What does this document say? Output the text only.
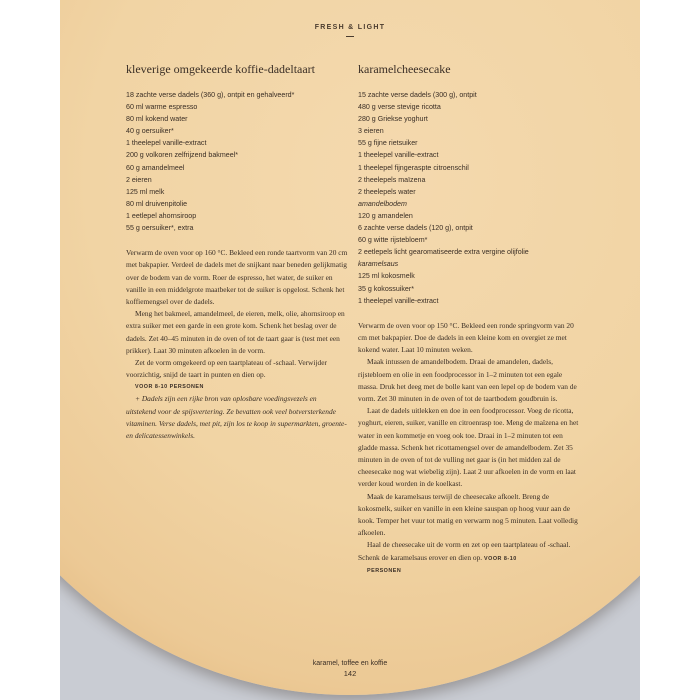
FRESH & LIGHT
kleverige omgekeerde koffie-dadeltaart
18 zachte verse dadels (360 g), ontpit en gehalveerd*
60 ml warme espresso
80 ml kokend water
40 g oersuiker*
1 theelepel vanille-extract
200 g volkoren zelfrijzend bakmeel*
60 g amandelmeel
2 eieren
125 ml melk
80 ml druivenpitolie
1 eetlepel ahornsiroop
55 g oersuiker*, extra

Verwarm de oven voor op 160 °C. Bekleed een ronde taartvorm van 20 cm met bakpapier. Verdeel de dadels met de snijkant naar beneden gelijkmatig over de bodem van de vorm. Roer de espresso, het water, de suiker en vanille in een middelgrote maatbeker tot de suiker is opgelost. Schenk het koffiemengsel over de dadels.

Meng het bakmeel, amandelmeel, de eieren, melk, olie, ahornsiroop en extra suiker met een garde in een grote kom. Schenk het beslag over de dadels. Zet 40–45 minuten in de oven of tot de taart gaar is (test met een prikker). Laat 30 minuten afkoelen in de vorm.

Zet de vorm omgekeerd op een taartplateau of -schaal. Verwijder voorzichtig, snijd de taart in punten en dien op.

VOOR 8-10 PERSONEN

+ Dadels zijn een rijke bron van oplosbare voedingsvezels en uitstekend voor de spijsvertering. Ze bevatten ook veel botversterkende vitaminen. Verse dadels, met pit, zijn los te koop in supermarkten, groente- en delicatessenwinkels.

karamelcheesecake
15 zachte verse dadels (300 g), ontpit
480 g verse stevige ricotta
280 g Griekse yoghurt
3 eieren
55 g fijne rietsuiker
1 theelepel vanille-extract
1 theelepel fijngeraspte citroenschil
2 theelepels maïzena
2 theelepels water
amandelbodem
120 g amandelen
6 zachte verse dadels (120 g), ontpit
60 g witte rijstebloem*
2 eetlepels licht gearomatiseerde extra vergine olijfolie
karamelsaus
125 ml kokosmelk
35 g kokossuiker*
1 theelepel vanille-extract

Verwarm de oven voor op 150 °C. Bekleed een ronde springvorm van 20 cm met bakpapier. Doe de dadels in een kleine kom en overgiet ze met kokend water. Laat 10 minuten weken.

Maak intussen de amandelbodem. Draai de amandelen, dadels, rijstebloem en olie in een foodprocessor in 1–2 minuten tot een egale massa. Druk het deeg met de bolle kant van een lepel op de bodem van de vorm. Zet 30 minuten in de oven of tot de taartbodem goudbruin is.

Laat de dadels uitlekken en doe in een foodprocessor. Voeg de ricotta, yoghurt, eieren, suiker, vanille en citroenrasp toe. Meng de maïzena en het water in een kommetje en voeg ook toe. Draai in 1–2 minuten tot een gladde massa. Schenk het ricottamengsel over de amandelbodem. Zet 35 minuten in de oven of tot de vulling net gaar is (in het midden zal de cheesecake nog wat wiebelig zijn). Laat 2 uur afkoelen in de vorm en laat verder koud worden in de koelkast.

Maak de karamelsaus terwijl de cheesecake afkoelt. Breng de kokosmelk, suiker en vanille in een kleine sauspan op hoog vuur aan de kook. Temper het vuur tot matig en verwarm nog 5 minuten. Laat volledig afkoelen.

Haal de cheesecake uit de vorm en zet op een taartplateau of -schaal. Schenk de karamelsaus erover en dien op. VOOR 8-10

PERSONEN

karamel, toffee en koffie
142
